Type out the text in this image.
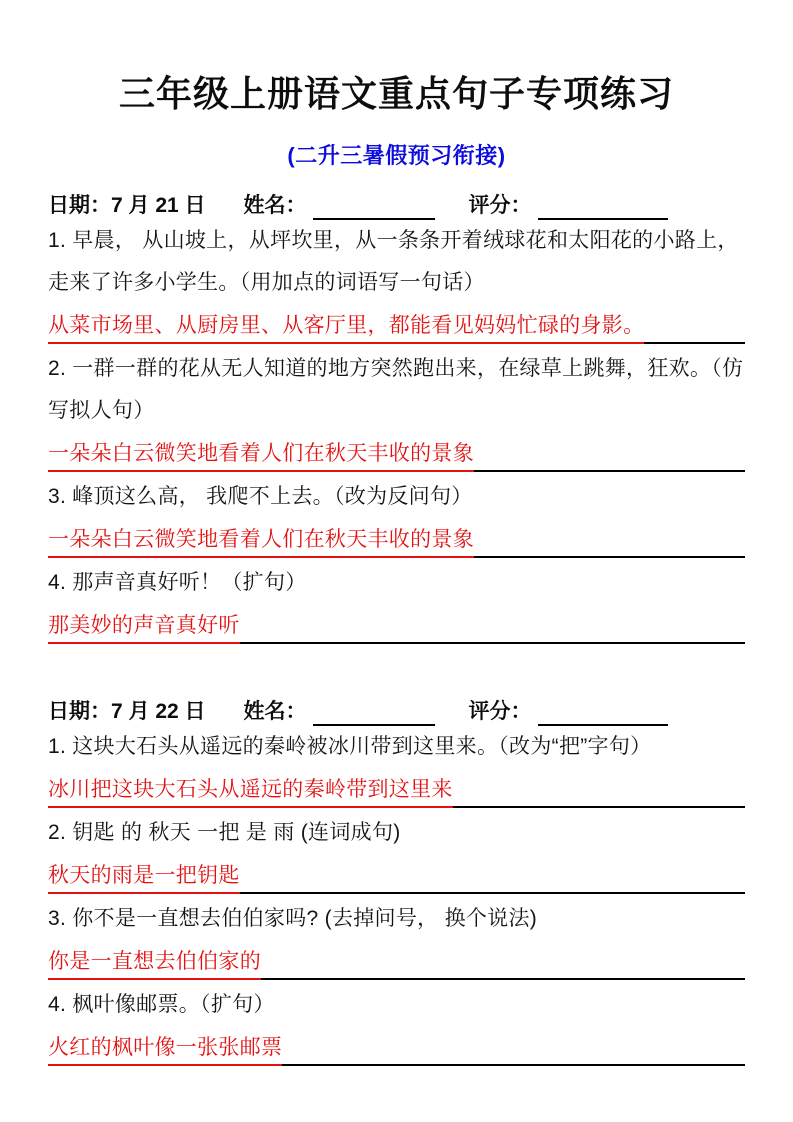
三年级上册语文重点句子专项练习
(二升三暑假预习衔接)
日期：7 月 21 日 姓名：	评分：

1. 早晨， 从山坡上，从坪坎里，从一条条开着绒球花和太阳花的小路上，走来了许多小学生。（用加点的词语写一句话）

从菜市场里、从厨房里、从客厅里，都能看见妈妈忙碌的身影。

2. 一群一群的花从无人知道的地方突然跑出来，在绿草上跳舞，狂欢。（仿写拟人句）

一朵朵白云微笑地看着人们在秋天丰收的景象

3. 峰顶这么高， 我爬不上去。（改为反问句）

一朵朵白云微笑地看着人们在秋天丰收的景象

4. 那声音真好听！（扩句）

那美妙的声音真好听

日期：7 月 22 日 姓名：	评分：

1. 这块大石头从遥远的秦岭被冰川带到这里来。（改为“把”字句）

冰川把这块大石头从遥远的秦岭带到这里来

2. 钥匙 的 秋天 一把 是 雨 (连词成句)

秋天的雨是一把钥匙

3. 你不是一直想去伯伯家吗? (去掉问号， 换个说法)

你是一直想去伯伯家的

4. 枫叶像邮票。（扩句）

火红的枫叶像一张张邮票
